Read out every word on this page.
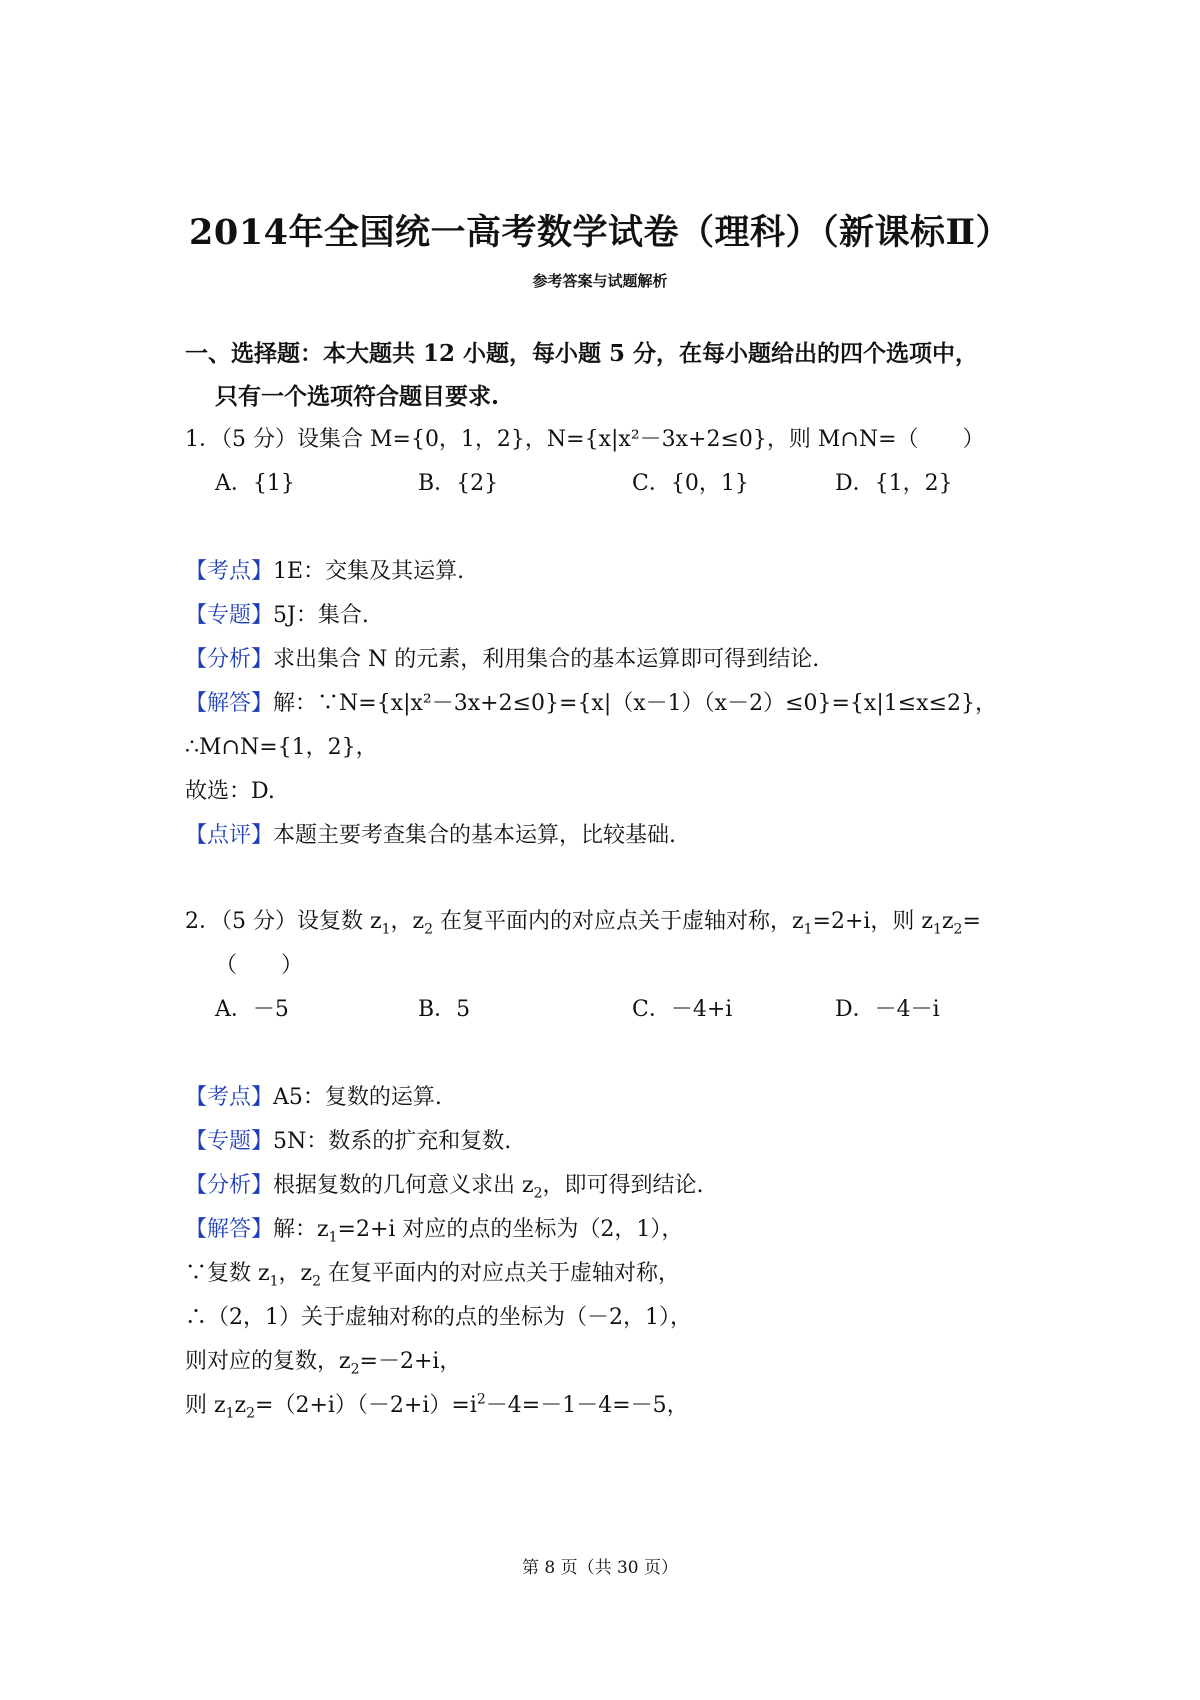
2014年全国统一高考数学试卷（理科）（新课标Ⅱ）
参考答案与试题解析
一、选择题：本大题共 12 小题，每小题 5 分，在每小题给出的四个选项中，
只有一个选项符合题目要求.
1．（5 分）设集合 M={0，1，2}，N={x|x²－3x+2≤0}，则 M∩N=（　　）
A．{1}	B．{2}	C．{0，1}	D．{1，2}
【考点】1E：交集及其运算.
【专题】5J：集合.
【分析】求出集合 N 的元素，利用集合的基本运算即可得到结论.
【解答】解：∵N={x|x²－3x+2≤0}={x|（x－1）（x－2）≤0}={x|1≤x≤2}，
∴M∩N={1，2}，
故选：D.
【点评】本题主要考查集合的基本运算，比较基础.
2．（5 分）设复数 $z_1$，$z_2$ 在复平面内的对应点关于虚轴对称，$z_1=2+i$，则 $z_1z_2=$
（　　）
A．－5	B．5	C．－4+i	D．－4－i
【考点】A5：复数的运算.
【专题】5N：数系的扩充和复数.
【分析】根据复数的几何意义求出 $z_2$，即可得到结论.
【解答】解：$z_1=2+i$ 对应的点的坐标为（2，1），
∵复数 $z_1$，$z_2$ 在复平面内的对应点关于虚轴对称，
∴（2，1）关于虚轴对称的点的坐标为（－2，1），
则对应的复数，$z_2=-2+i$，
则 $z_1z_2=(2+i)(-2+i)=i^2-4=-1-4=-5$，
第 8 页（共 30 页）
